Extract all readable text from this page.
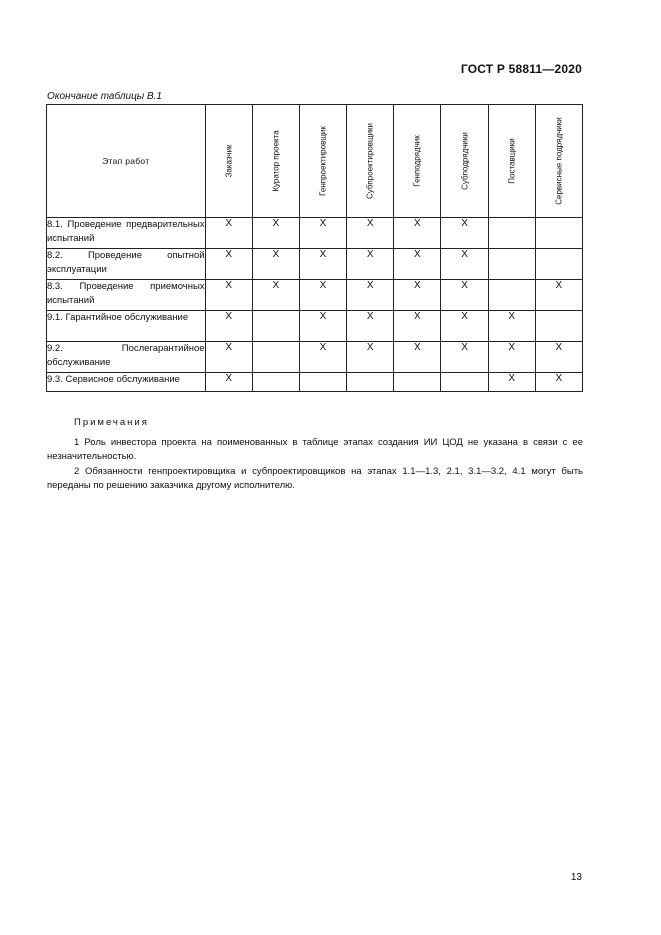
ГОСТ Р 58811—2020
Окончание таблицы В.1
Этап работ	Заказчик	Куратор проекта	Генпроектировщик	Субпроектировщики	Генподрядчик	Субподрядчики	Поставщики	Сервисные подрядчики

8.1. Проведение предварительных испытаний	X	X	X	X	X	X		
8.2. Проведение опытной эксплуатации	X	X	X	X	X	X		
8.3. Проведение приемочных испытаний	X	X	X	X	X	X		X
9.1. Гарантийное обслуживание	X		X	X	X	X	X	
9.2. Послегарантийное обслуживание	X		X	X	X	X	X	X
9.3. Сервисное обслуживание	X						X	X
Примечания

1 Роль инвестора проекта на поименованных в таблице этапах создания ИИ ЦОД не указана в связи с ее незначительностью.

2 Обязанности генпроектировщика и субпроектировщиков на этапах 1.1—1.3, 2.1, 3.1—3.2, 4.1 могут быть переданы по решению заказчика другому исполнителю.

13
